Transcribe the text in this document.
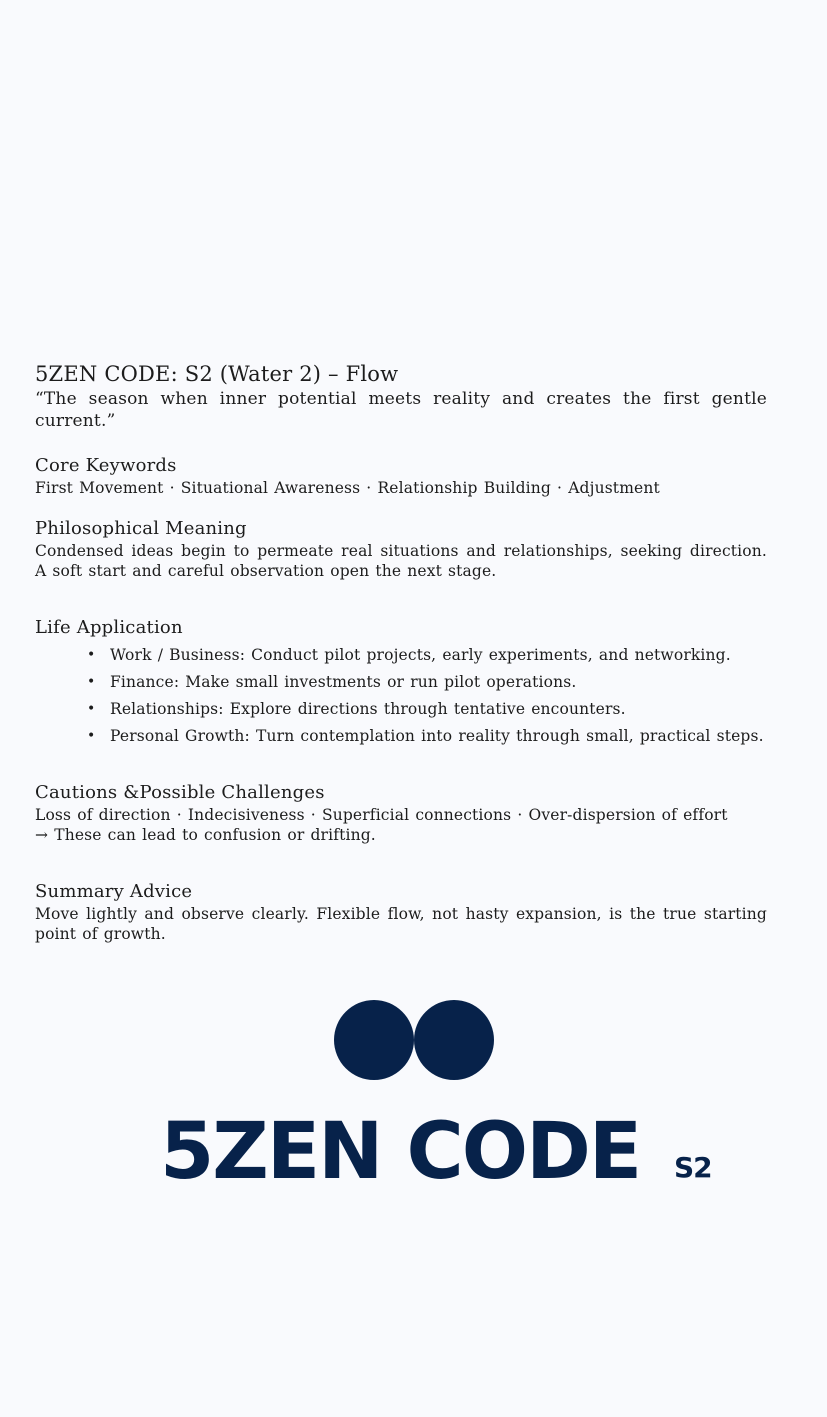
5ZEN CODE: S2 (Water 2) – Flow

“The season when inner potential meets reality and creates the first gentle current.”

Core Keywords

First Movement · Situational Awareness · Relationship Building · Adjustment

Philosophical Meaning

Condensed ideas begin to permeate real situations and relationships, seeking direction. A soft start and careful observation open the next stage.

Life Application
• Work / Business: Conduct pilot projects, early experiments, and networking.
• Finance: Make small investments or run pilot operations.
• Relationships: Explore directions through tentative encounters.
• Personal Growth: Turn contemplation into reality through small, practical steps.
Cautions &Possible Challenges

Loss of direction · Indecisiveness · Superficial connections · Over-dispersion of effort

→ These can lead to confusion or drifting.

Summary Advice

Move lightly and observe clearly. Flexible flow, not hasty expansion, is the true starting point of growth.

5ZEN CODE S2
